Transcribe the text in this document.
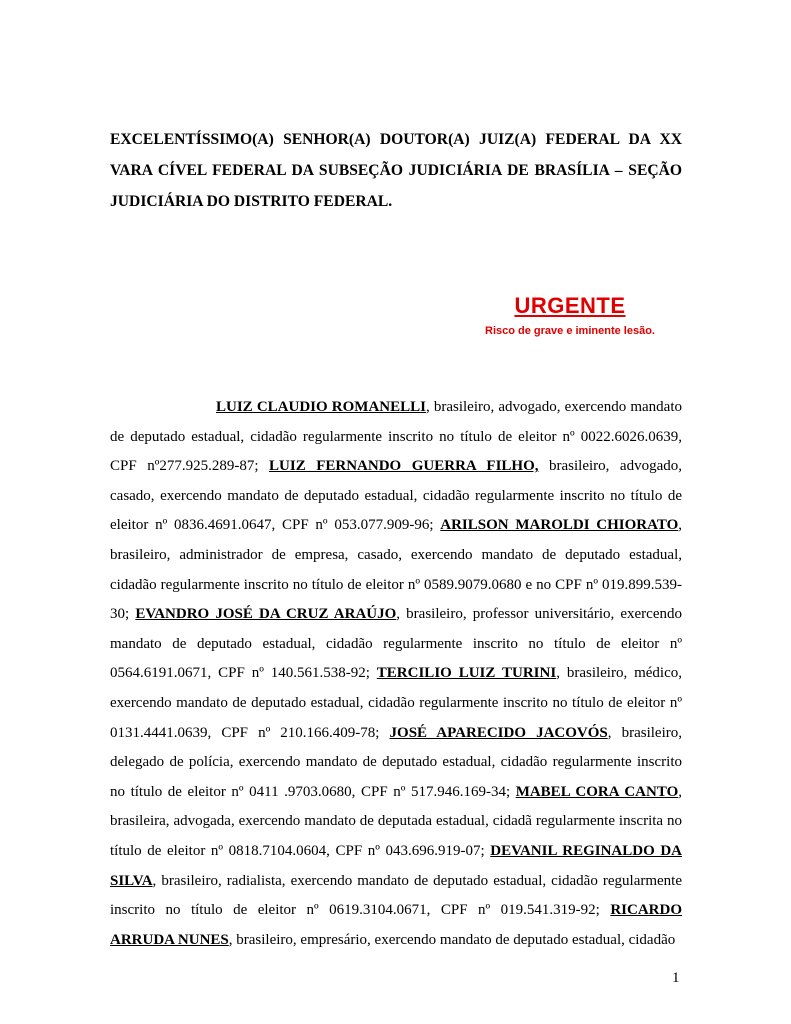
EXCELENTÍSSIMO(A) SENHOR(A) DOUTOR(A) JUIZ(A) FEDERAL DA XX VARA CÍVEL FEDERAL DA SUBSEÇÃO JUDICIÁRIA DE BRASÍLIA – SEÇÃO JUDICIÁRIA DO DISTRITO FEDERAL.
URGENTE
Risco de grave e iminente lesão.

LUIZ CLAUDIO ROMANELLI, brasileiro, advogado, exercendo mandato de deputado estadual, cidadão regularmente inscrito no título de eleitor nº 0022.6026.0639, CPF nº277.925.289-87; LUIZ FERNANDO GUERRA FILHO, brasileiro, advogado, casado, exercendo mandato de deputado estadual, cidadão regularmente inscrito no título de eleitor nº 0836.4691.0647, CPF nº 053.077.909-96; ARILSON MAROLDI CHIORATO, brasileiro, administrador de empresa, casado, exercendo mandato de deputado estadual, cidadão regularmente inscrito no título de eleitor nº 0589.9079.0680 e no CPF nº 019.899.539-30; EVANDRO JOSÉ DA CRUZ ARAÚJO, brasileiro, professor universitário, exercendo mandato de deputado estadual, cidadão regularmente inscrito no título de eleitor nº 0564.6191.0671, CPF nº 140.561.538-92; TERCILIO LUIZ TURINI, brasileiro, médico, exercendo mandato de deputado estadual, cidadão regularmente inscrito no título de eleitor nº 0131.4441.0639, CPF nº 210.166.409-78; JOSÉ APARECIDO JACOVÓS, brasileiro, delegado de polícia, exercendo mandato de deputado estadual, cidadão regularmente inscrito no título de eleitor nº 0411 .9703.0680, CPF nº 517.946.169-34; MABEL CORA CANTO, brasileira, advogada, exercendo mandato de deputada estadual, cidadã regularmente inscrita no título de eleitor nº 0818.7104.0604, CPF nº 043.696.919-07; DEVANIL REGINALDO DA SILVA, brasileiro, radialista, exercendo mandato de deputado estadual, cidadão regularmente inscrito no título de eleitor nº 0619.3104.0671, CPF nº 019.541.319-92; RICARDO ARRUDA NUNES, brasileiro, empresário, exercendo mandato de deputado estadual, cidadão

1
